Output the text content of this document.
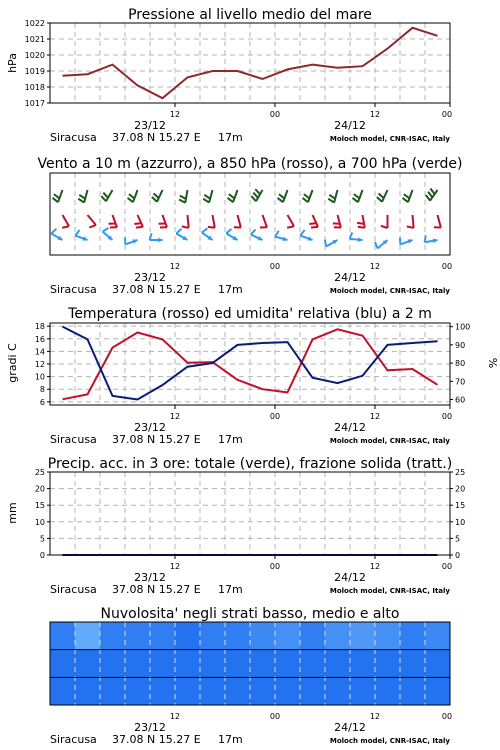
Pressione al livello medio del mare
hPa
1017
1018
1019
1020
1021
1022
12	00	12	00
23/12	24/12
Siracusa 37.08 N 15.27 E 17m	Moloch model, CNR-ISAC, Italy
Vento a 10 m (azzurro), a 850 hPa (rosso), a 700 hPa (verde)
12	00	12	00
23/12	24/12
Siracusa 37.08 N 15.27 E 17m	Moloch model, CNR-ISAC, Italy
Temperatura (rosso) ed umidita' relativa (blu) a 2 m
gradi C	%
6
8
10
12
14
16
18
60
70
80
90
100
12	00	12	00
23/12	24/12
Siracusa 37.08 N 15.27 E 17m	Moloch model, CNR-ISAC, Italy
Precip. acc. in 3 ore: totale (verde), frazione solida (tratt.)
mm
0	0
5	5
10	10
15	15
20	20
25	25
12	00	12	00
23/12	24/12
Siracusa 37.08 N 15.27 E 17m	Moloch model, CNR-ISAC, Italy
Nuvolosita' negli strati basso, medio e alto
12	00	12	00
23/12	24/12
Siracusa 37.08 N 15.27 E 17m	Moloch model, CNR-ISAC, Italy
